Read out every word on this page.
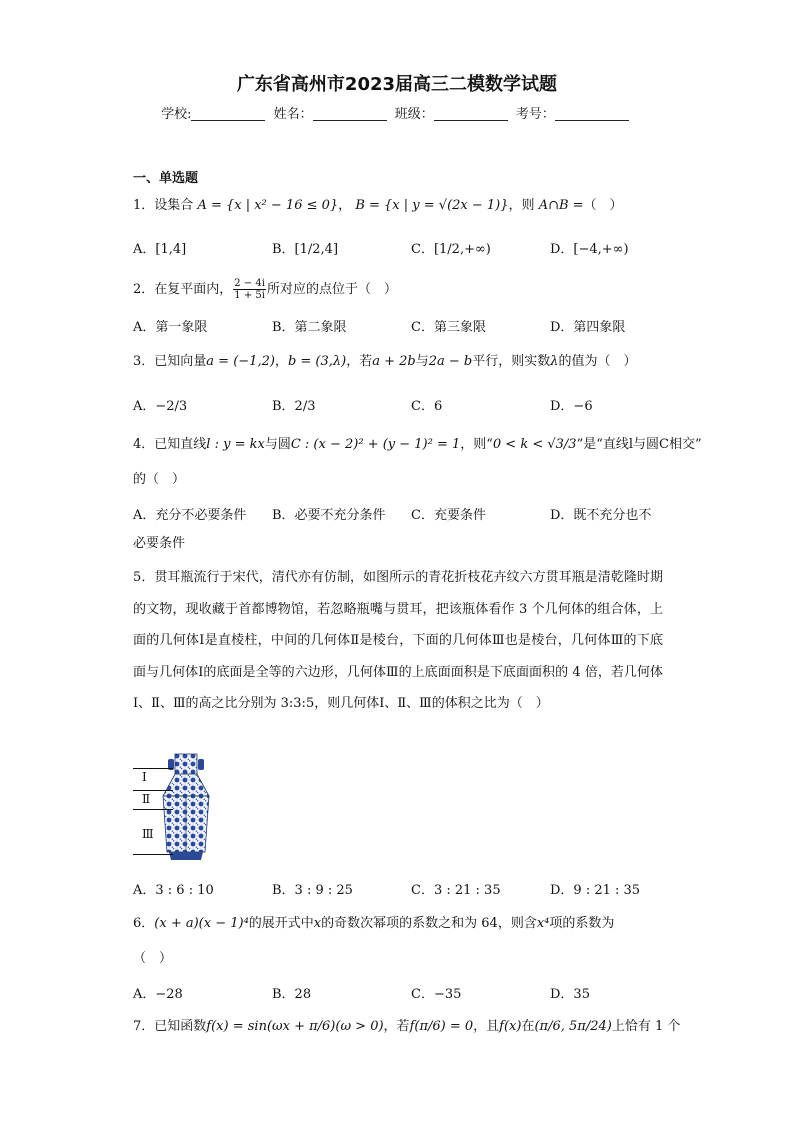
广东省高州市2023届高三二模数学试题
学校:	姓名：	班级：	考号：
一、单选题
1．设集合 A = {x | x² − 16 ≤ 0}， B = {x | y = √(2x − 1)}，则 A∩B =（　）
A．[1,4]	B．[1/2,4]	C．[1/2,+∞)	D．[−4,+∞)
2．在复平面内， $\frac{2 - 4i}{1 + 5i}$ 所对应的点位于（　）
A．第一象限	B．第二象限	C．第三象限	D．第四象限
3．已知向量a = (−1,2)，b = (3,λ)，若a + 2b与2a − b平行，则实数λ的值为（　）
A．−2/3	B．2/3	C．6	D．−6
4．已知直线l : y = kx与圆C : (x − 2)² + (y − 1)² = 1，则“0 < k < √3/3”是“直线l与圆C相交”
的（　）
A．充分不必要条件 B．必要不充分条件 C．充要条件	D．既不充分也不
必要条件
5．贯耳瓶流行于宋代，清代亦有仿制，如图所示的青花折枝花卉纹六方贯耳瓶是清乾隆时期的文物，现收藏于首都博物馆，若忽略瓶嘴与贯耳，把该瓶体看作 3 个几何体的组合体，上面的几何体Ⅰ是直棱柱，中间的几何体Ⅱ是棱台，下面的几何体Ⅲ也是棱台，几何体Ⅲ的下底面与几何体Ⅰ的底面是全等的六边形，几何体Ⅲ的上底面面积是下底面面积的 4 倍，若几何体Ⅰ、Ⅱ、Ⅲ的高之比分别为 3:3:5，则几何体Ⅰ、Ⅱ、Ⅲ的体积之比为（　）
Ⅰ
Ⅱ
Ⅲ
A．3 : 6 : 10	B．3 : 9 : 25	C．3 : 21 : 35	D．9 : 21 : 35
6．(x + a)(x − 1)⁴的展开式中x的奇数次幂项的系数之和为 64，则含x⁴项的系数为
（　）
A．−28	B．28	C．−35	D．35
7．已知函数f(x) = sin(ωx + π/6)(ω > 0)，若f(π/6) = 0，且f(x)在(π/6, 5π/24)上恰有 1 个
